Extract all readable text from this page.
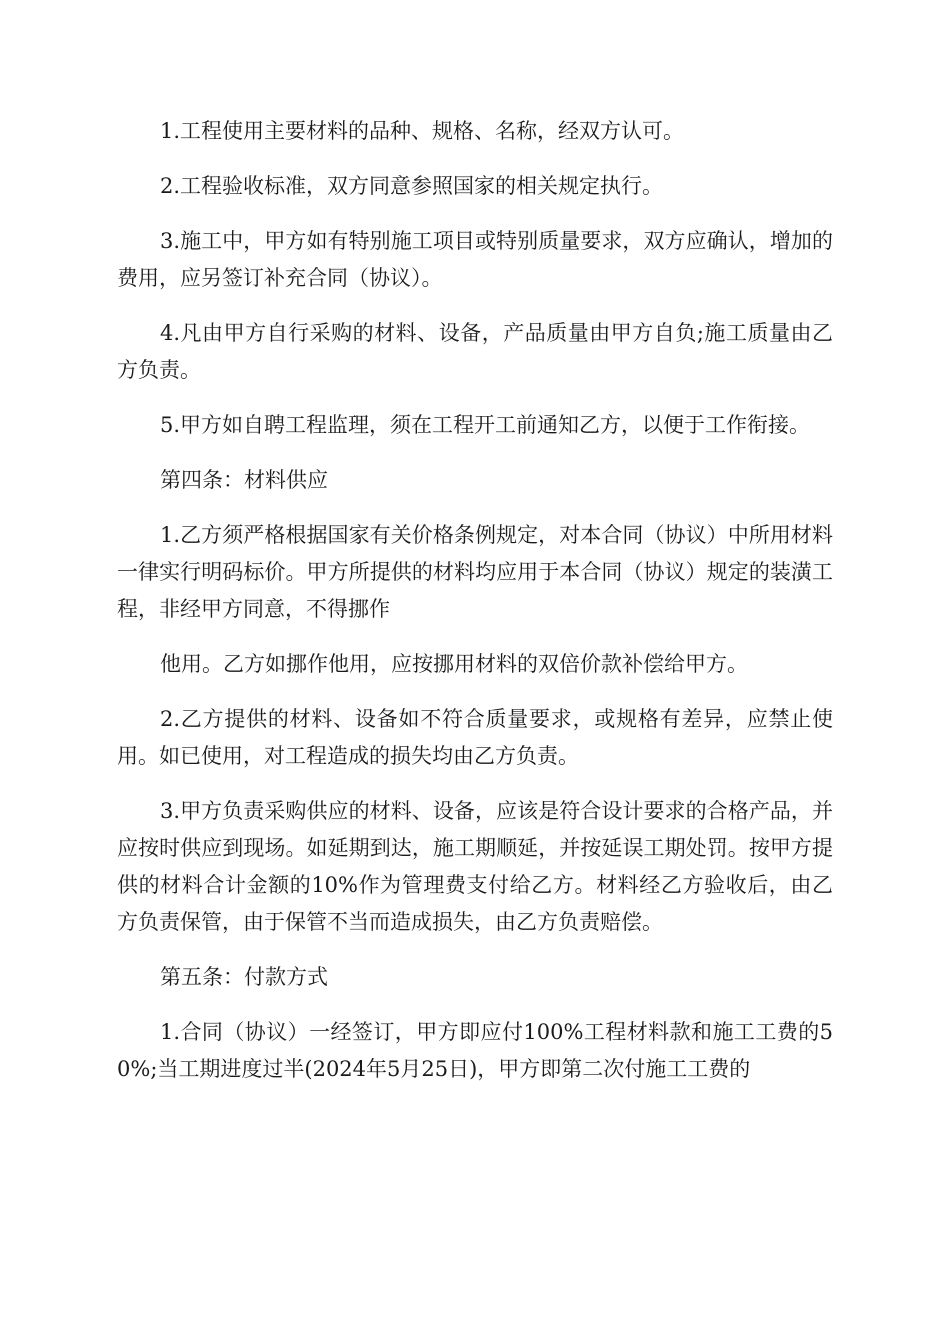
1.工程使用主要材料的品种、规格、名称，经双方认可。

2.工程验收标准，双方同意参照国家的相关规定执行。

3.施工中，甲方如有特别施工项目或特别质量要求，双方应确认，增加的费用，应另签订补充合同（协议）。

4.凡由甲方自行采购的材料、设备，产品质量由甲方自负;施工质量由乙方负责。

5.甲方如自聘工程监理，须在工程开工前通知乙方，以便于工作衔接。

第四条：材料供应

1.乙方须严格根据国家有关价格条例规定，对本合同（协议）中所用材料一律实行明码标价。甲方所提供的材料均应用于本合同（协议）规定的装潢工程，非经甲方同意，不得挪作

他用。乙方如挪作他用，应按挪用材料的双倍价款补偿给甲方。

2.乙方提供的材料、设备如不符合质量要求，或规格有差异，应禁止使用。如已使用，对工程造成的损失均由乙方负责。

3.甲方负责采购供应的材料、设备，应该是符合设计要求的合格产品，并应按时供应到现场。如延期到达，施工期顺延，并按延误工期处罚。按甲方提供的材料合计金额的10%作为管理费支付给乙方。材料经乙方验收后，由乙方负责保管，由于保管不当而造成损失，由乙方负责赔偿。

第五条：付款方式

1.合同（协议）一经签订，甲方即应付100%工程材料款和施工工费的50%;当工期进度过半(2024年5月25日)，甲方即第二次付施工工费的
